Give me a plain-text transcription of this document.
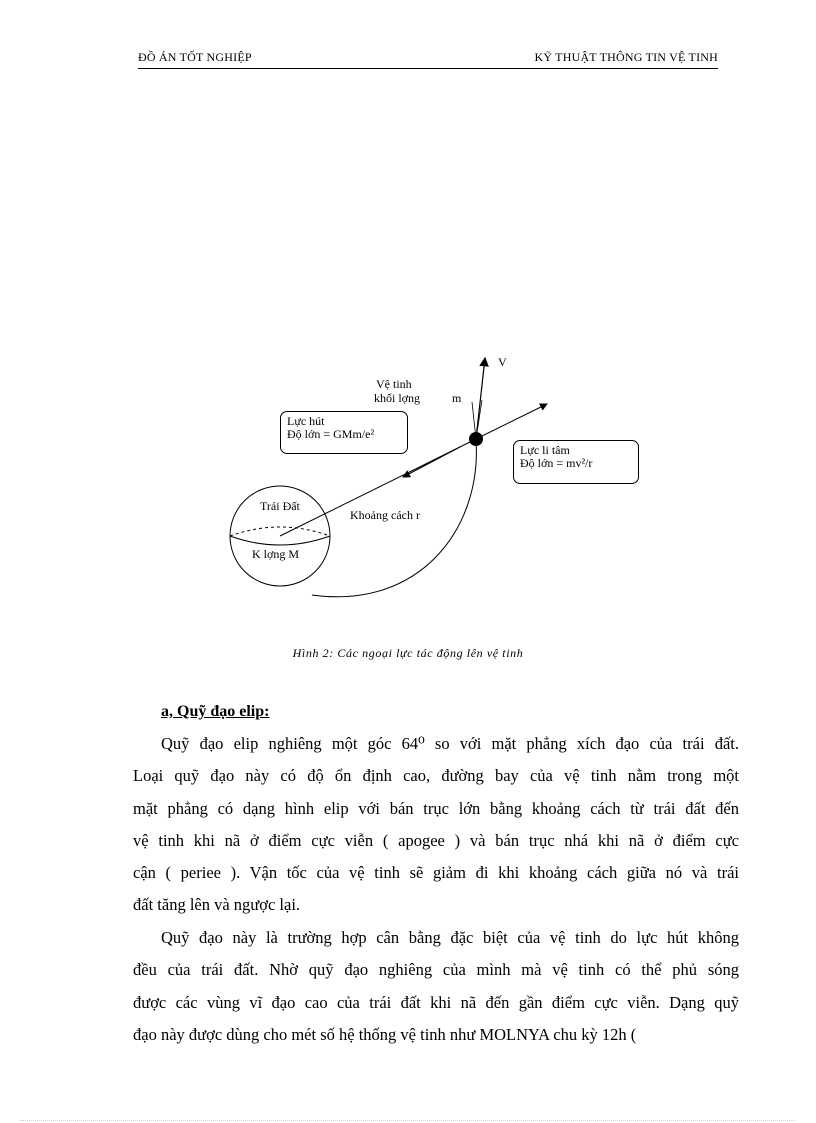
ĐỒ ÁN TỐT NGHIỆP	KỸ THUẬT THÔNG TIN VỆ TINH
V
Vệ tinh
khối lợng	m
Lực hút
Độ lớn = GMm/e²
Lực li tâm
Độ lớn = mv²/r
Trái Đất
K lợng M
Khoảng cách r
Hình 2: Các ngoại lực tác động lên vệ tinh
a, Quỹ đạo elip:
Quỹ đạo elip nghiêng một góc 64⁰ so với mặt phẳng xích đạo của trái đất.
Loại quỹ đạo này có độ ổn định cao, đường bay của vệ tinh nằm trong một
mặt phẳng có dạng hình elip với bán trục lớn bằng khoảng cách từ trái đất đến
vệ tinh khi nã ở điểm cực viễn ( apogee ) và bán trục nhá khi nã ở điểm cực
cận ( periee ). Vận tốc của vệ tinh sẽ giảm đi khi khoảng cách giữa nó và trái
đất tăng lên và ngược lại.
Quỹ đạo này là trường hợp cân bằng đặc biệt của vệ tinh do lực hút không
đều của trái đất. Nhờ quỹ đạo nghiêng của mình mà vệ tinh có thể phủ sóng
được các vùng vĩ đạo cao của trái đất khi nã đến gần điểm cực viễn. Dạng quỹ
đạo này được dùng cho mét số hệ thống vệ tinh như MOLNYA chu kỳ 12h (
